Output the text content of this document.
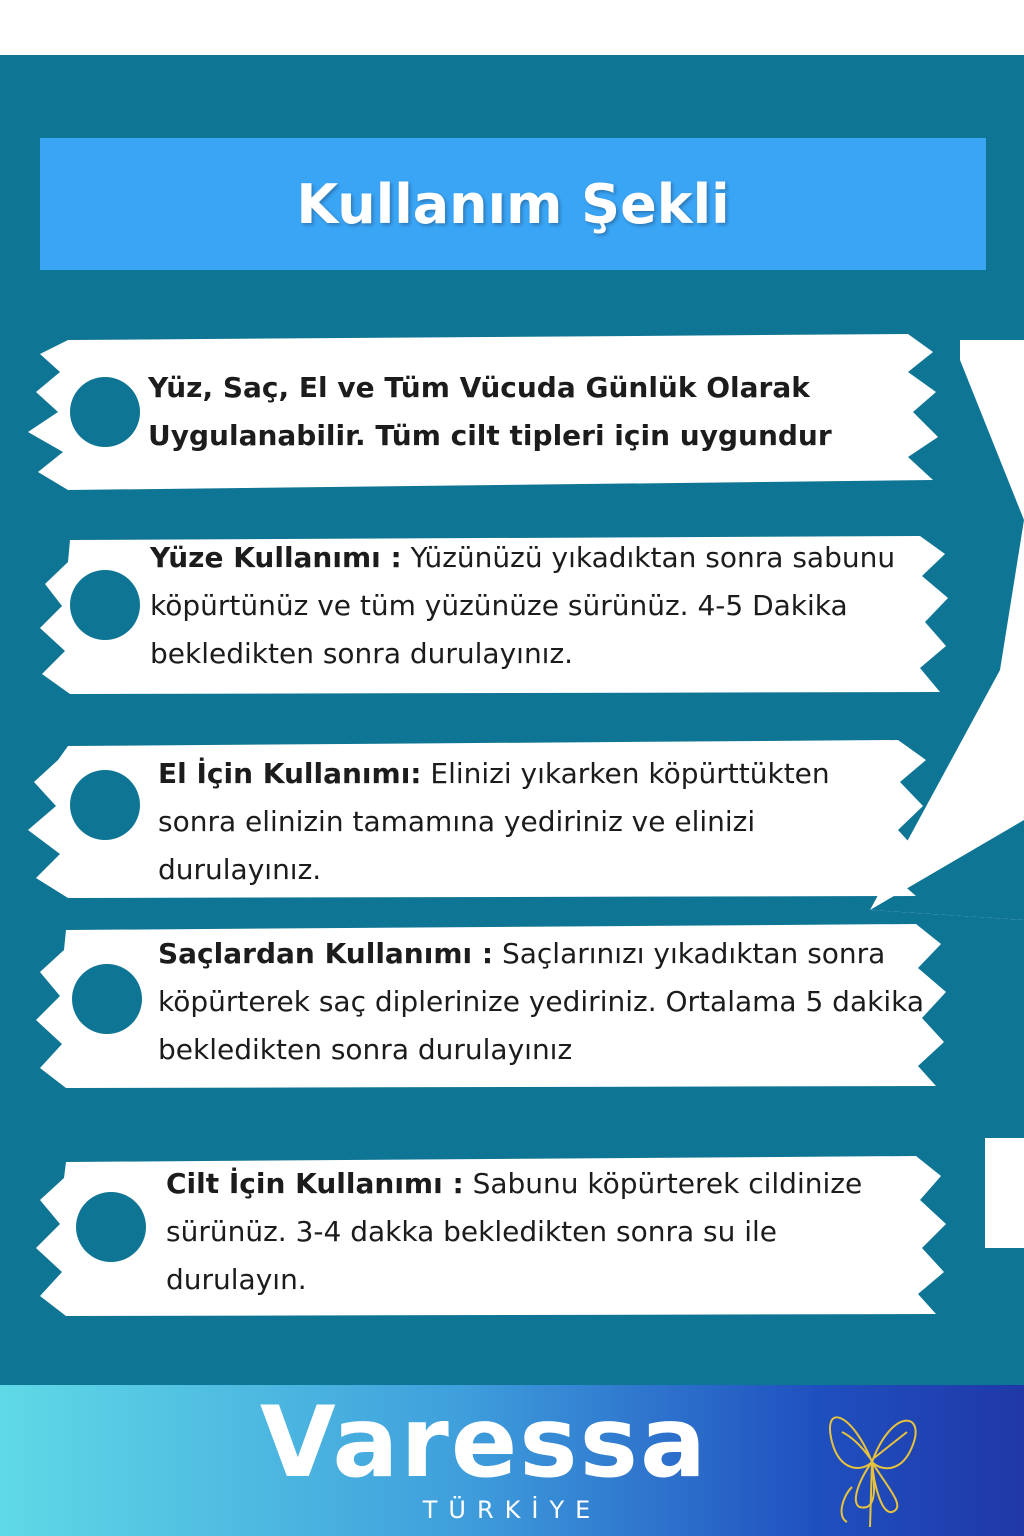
Kullanım Şekli
Yüz, Saç, El ve Tüm Vücuda Günlük Olarak Uygulanabilir. Tüm cilt tipleri için uygundur
Yüze Kullanımı : Yüzünüzü yıkadıktan sonra sabunu köpürtünüz ve tüm yüzünüze sürünüz. 4-5 Dakika bekledikten sonra durulayınız.
El İçin Kullanımı: Elinizi yıkarken köpürttükten sonra elinizin tamamına yediriniz ve elinizi durulayınız.
Saçlardan Kullanımı : Saçlarınızı yıkadıktan sonra köpürterek saç diplerinize yediriniz. Ortalama 5 dakika bekledikten sonra durulayınız
Cilt İçin Kullanımı : Sabunu köpürterek cildinize sürünüz. 3-4 dakka bekledikten sonra su ile durulayın.
Varessa
TÜRKİYE
